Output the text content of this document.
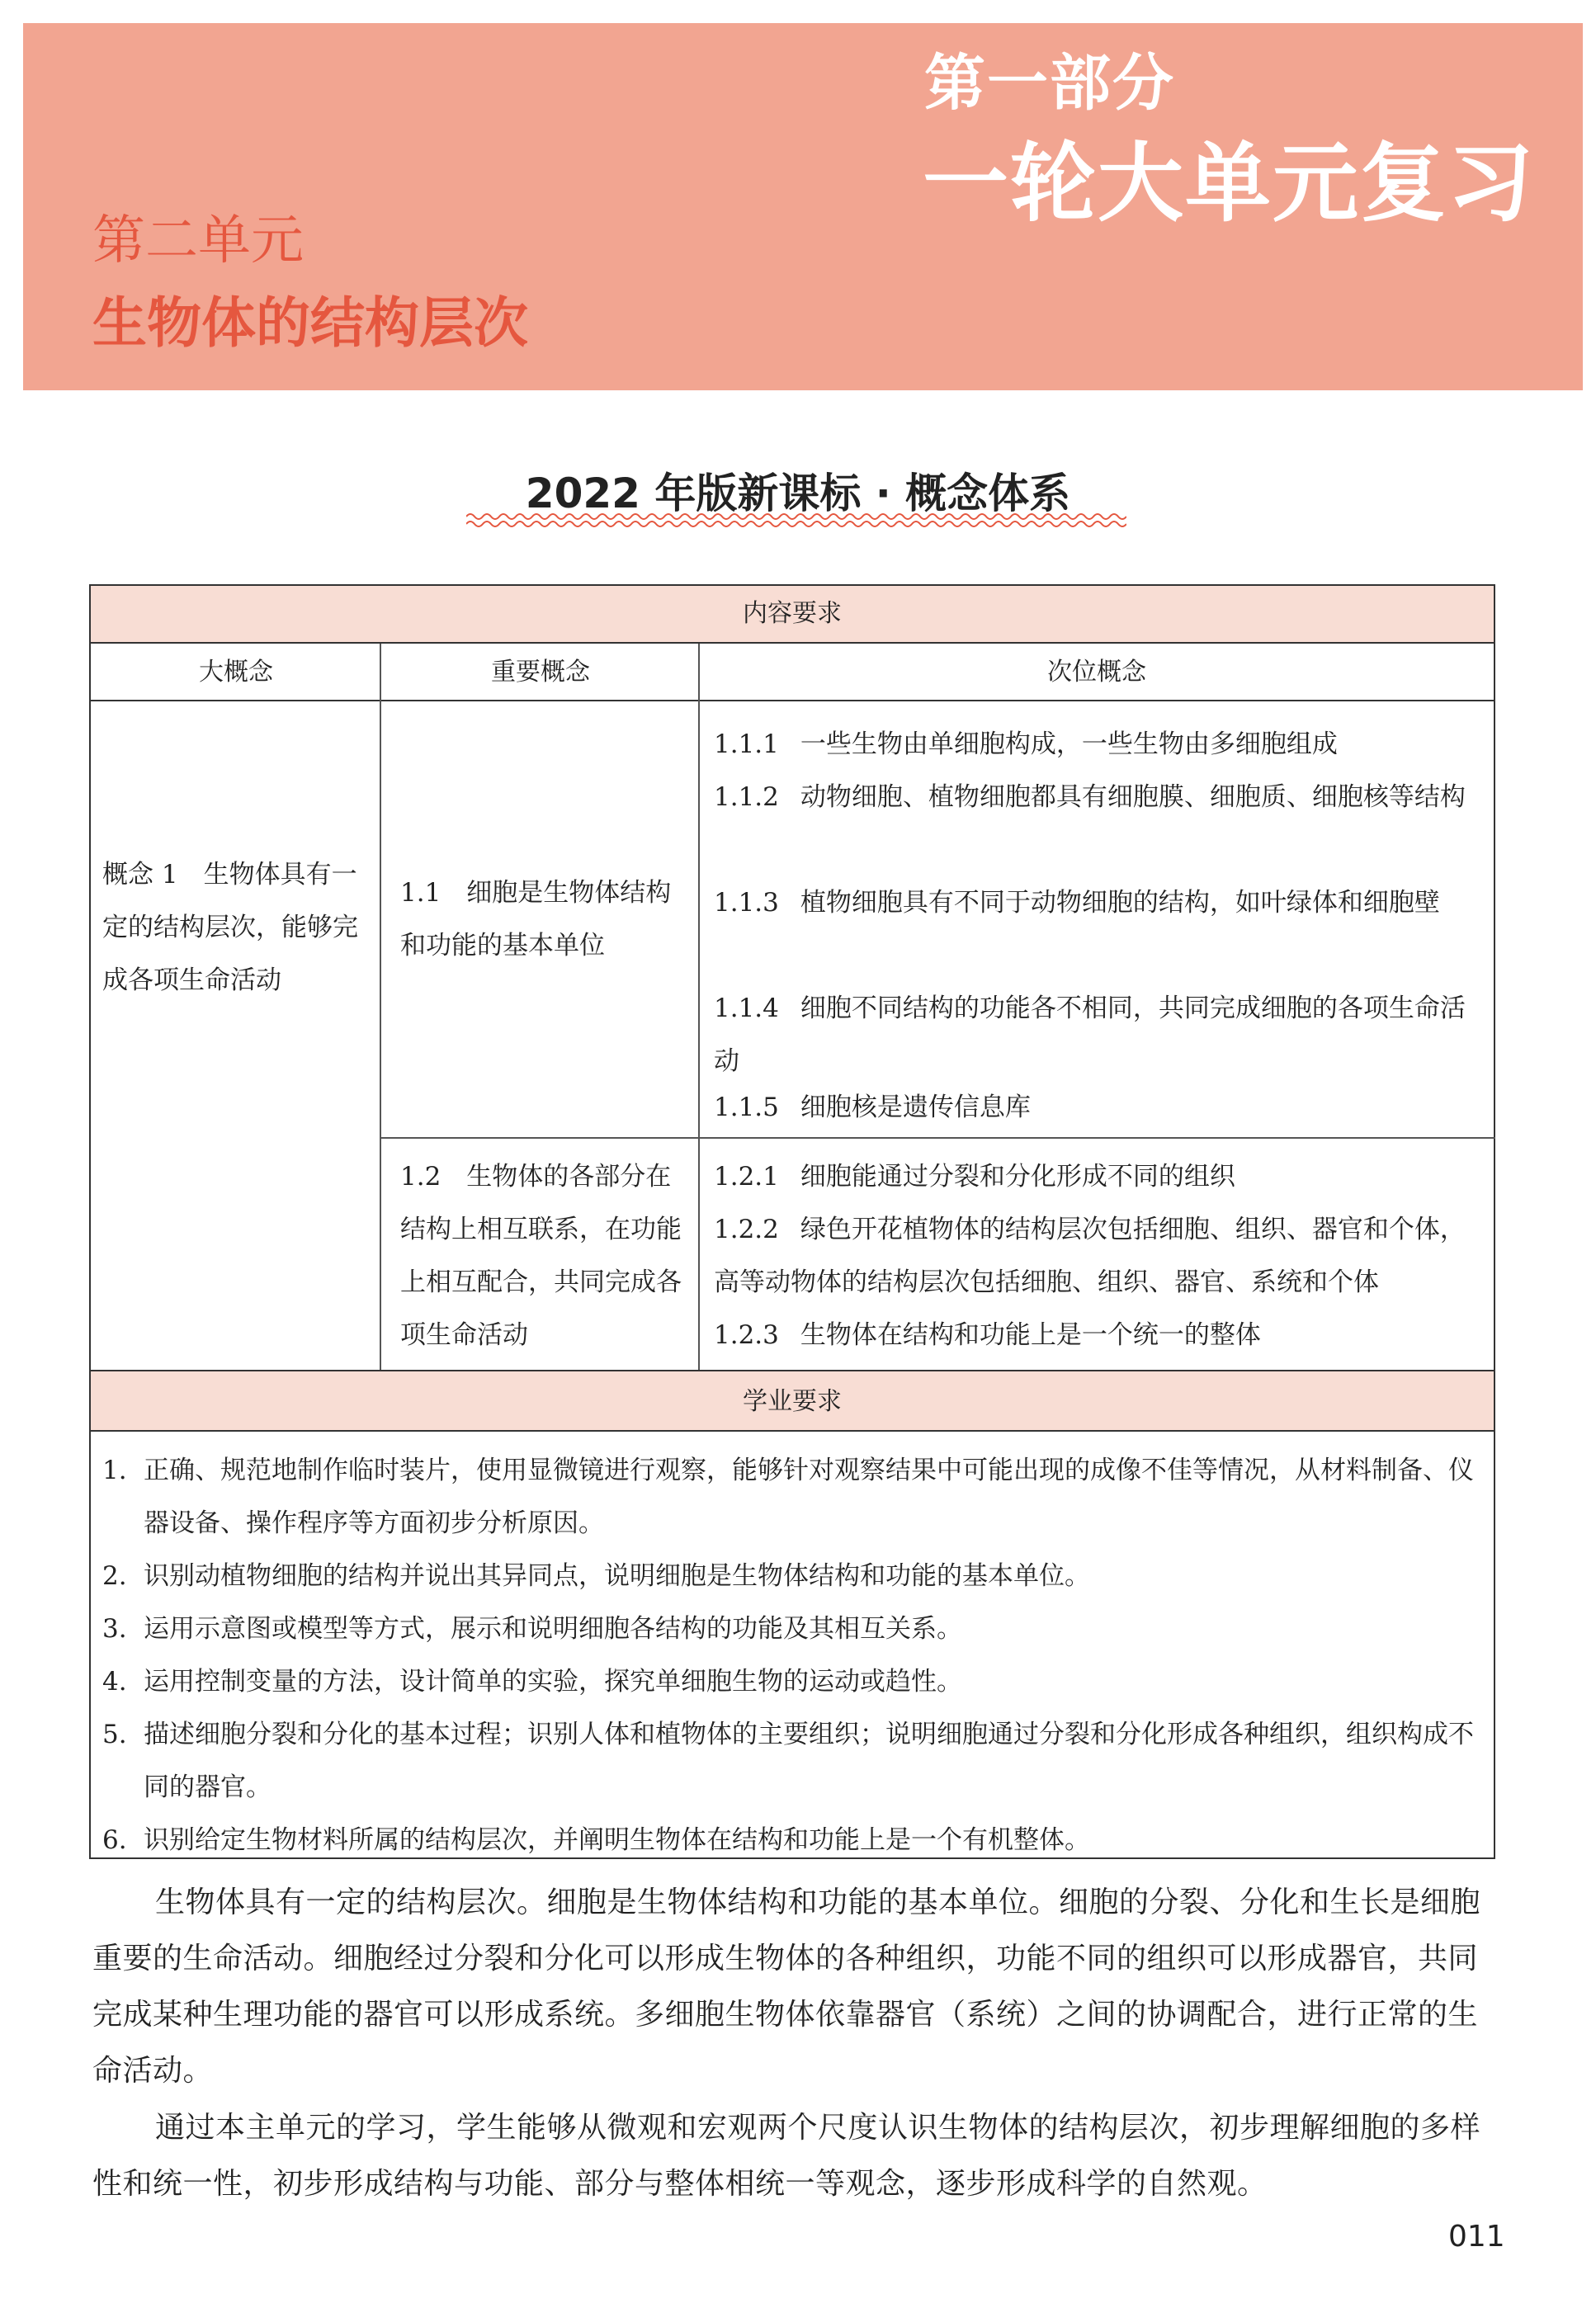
第一部分
一轮大单元复习
第二单元
生物体的结构层次
2022 年版新课标 · 概念体系
内容要求
大概念	重要概念	次位概念
概念 1　生物体具有一定的结构层次，能够完成各项生命活动
1.1　细胞是生物体结构和功能的基本单位
1.2　生物体的各部分在结构上相互联系，在功能上相互配合，共同完成各项生命活动
1.1.1 一些生物由单细胞构成，一些生物由多细胞组成
1.1.2 动物细胞、植物细胞都具有细胞膜、细胞质、细胞核等结构
1.1.3 植物细胞具有不同于动物细胞的结构，如叶绿体和细胞壁
1.1.4 细胞不同结构的功能各不相同，共同完成细胞的各项生命活动
1.1.5 细胞核是遗传信息库
1.2.1 细胞能通过分裂和分化形成不同的组织
1.2.2 绿色开花植物体的结构层次包括细胞、组织、器官和个体，高等动物体的结构层次包括细胞、组织、器官、系统和个体
1.2.3 生物体在结构和功能上是一个统一的整体
学业要求
1. 正确、规范地制作临时装片，使用显微镜进行观察，能够针对观察结果中可能出现的成像不佳等情况，从材料制备、仪器设备、操作程序等方面初步分析原因。
2. 识别动植物细胞的结构并说出其异同点，说明细胞是生物体结构和功能的基本单位。
3. 运用示意图或模型等方式，展示和说明细胞各结构的功能及其相互关系。
4. 运用控制变量的方法，设计简单的实验，探究单细胞生物的运动或趋性。
5. 描述细胞分裂和分化的基本过程；识别人体和植物体的主要组织；说明细胞通过分裂和分化形成各种组织，组织构成不同的器官。
6. 识别给定生物材料所属的结构层次，并阐明生物体在结构和功能上是一个有机整体。

生物体具有一定的结构层次。细胞是生物体结构和功能的基本单位。细胞的分裂、分化和生长是细胞重要的生命活动。细胞经过分裂和分化可以形成生物体的各种组织，功能不同的组织可以形成器官，共同完成某种生理功能的器官可以形成系统。多细胞生物体依靠器官（系统）之间的协调配合，进行正常的生命活动。

通过本主单元的学习，学生能够从微观和宏观两个尺度认识生物体的结构层次，初步理解细胞的多样性和统一性，初步形成结构与功能、部分与整体相统一等观念，逐步形成科学的自然观。

011
